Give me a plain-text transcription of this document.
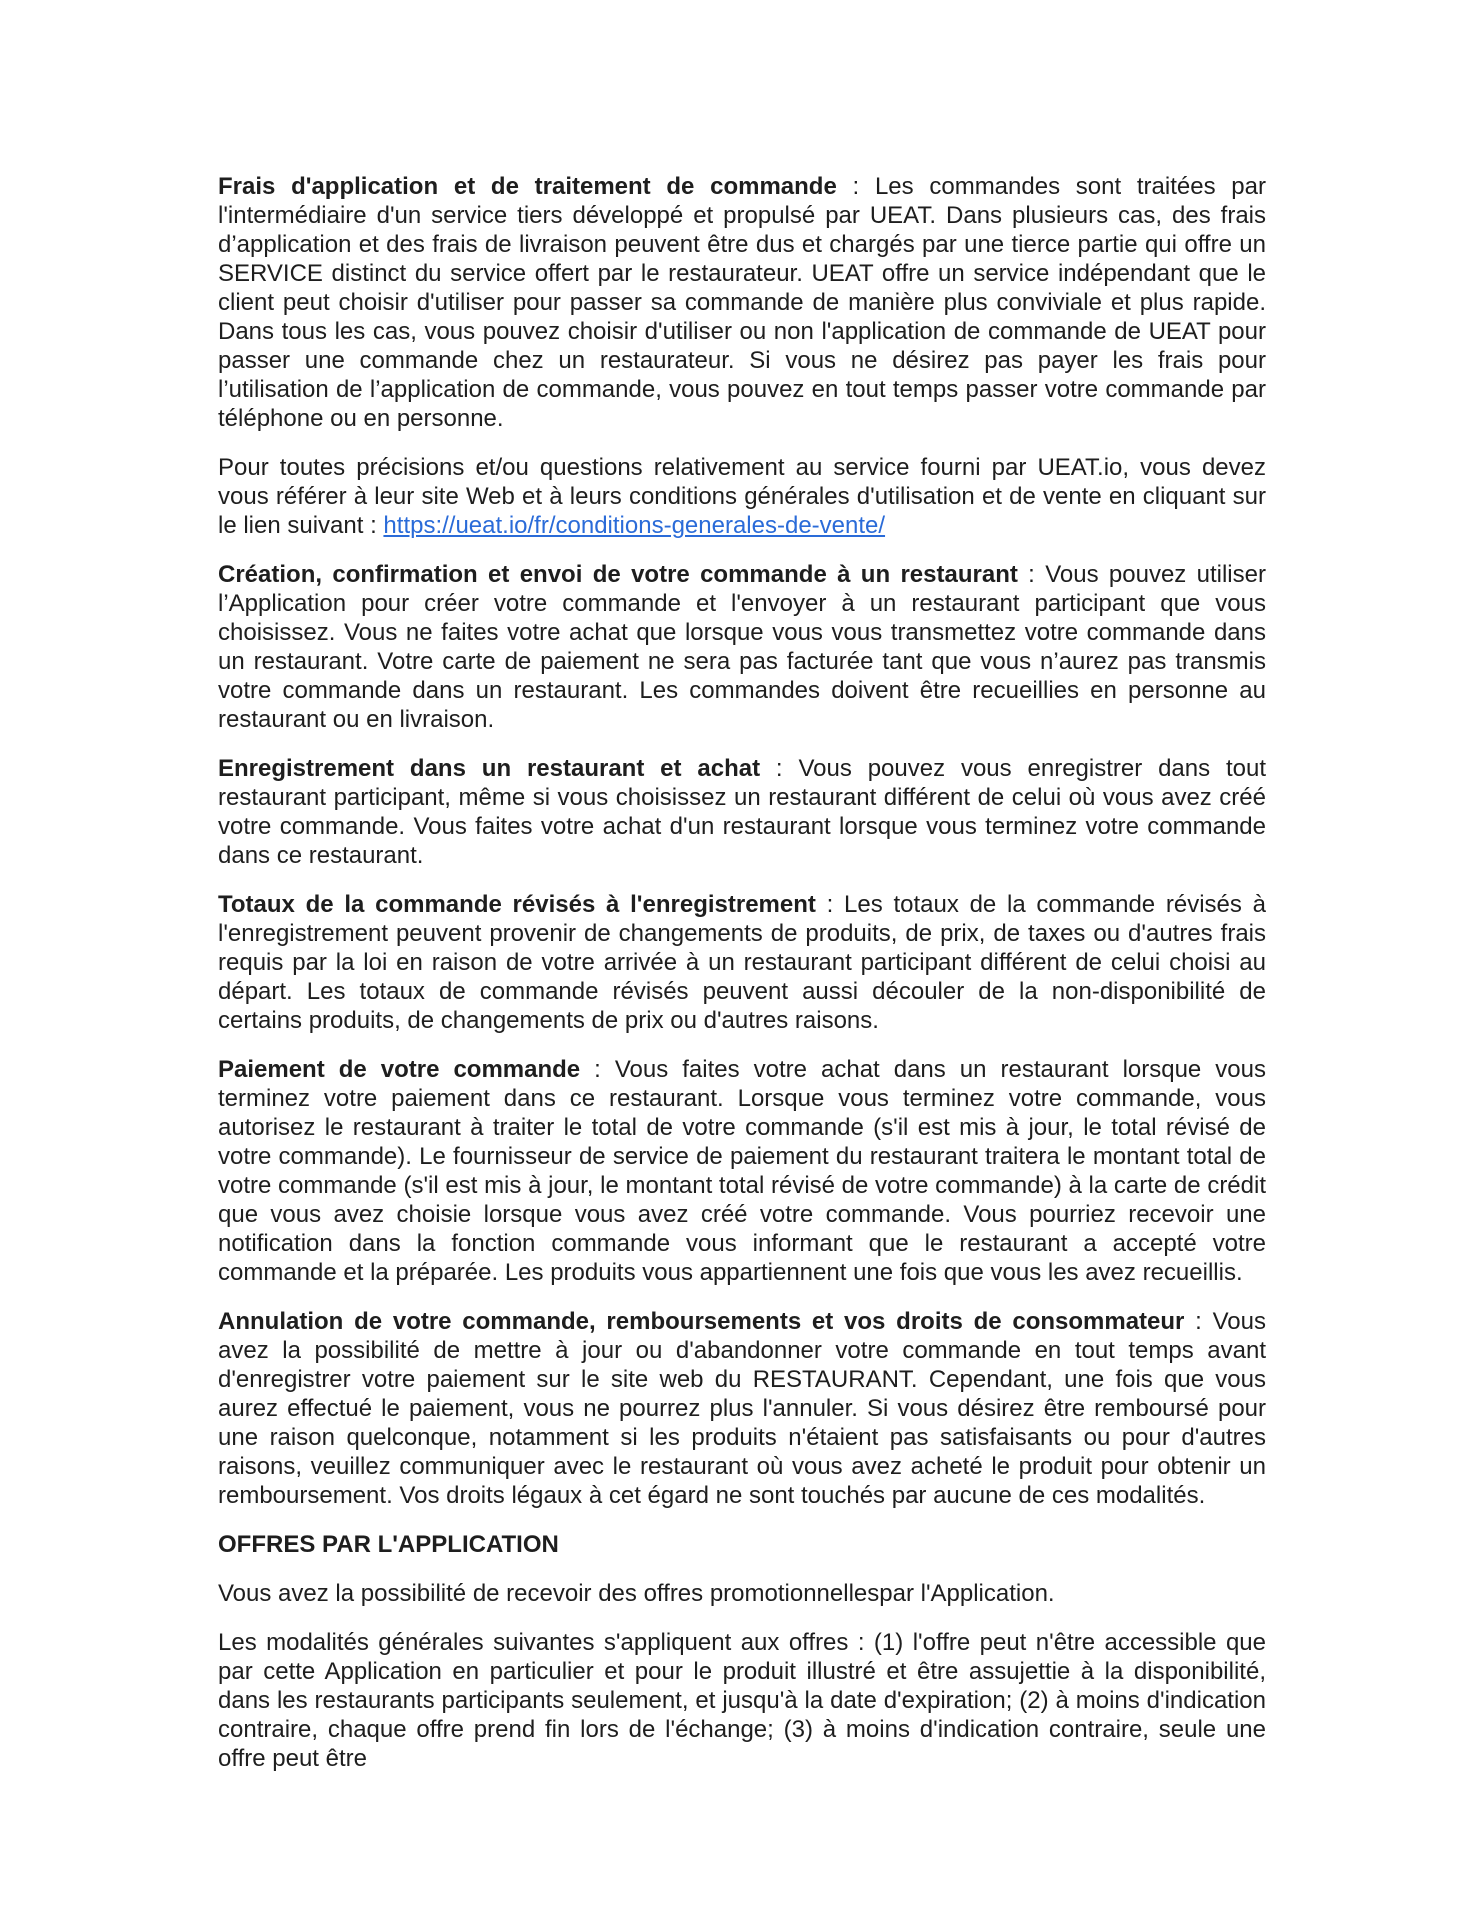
Frais d'application et de traitement de commande : Les commandes sont traitées par l'intermédiaire d'un service tiers développé et propulsé par UEAT. Dans plusieurs cas, des frais d’application et des frais de livraison peuvent être dus et chargés par une tierce partie qui offre un SERVICE distinct du service offert par le restaurateur. UEAT offre un service indépendant que le client peut choisir d'utiliser pour passer sa commande de manière plus conviviale et plus rapide. Dans tous les cas, vous pouvez choisir d'utiliser ou non l'application de commande de UEAT pour passer une commande chez un restaurateur. Si vous ne désirez pas payer les frais pour l’utilisation de l’application de commande, vous pouvez en tout temps passer votre commande par téléphone ou en personne.

Pour toutes précisions et/ou questions relativement au service fourni par UEAT.io, vous devez vous référer à leur site Web et à leurs conditions générales d'utilisation et de vente en cliquant sur le lien suivant : https://ueat.io/fr/conditions-generales-de-vente/

Création, confirmation et envoi de votre commande à un restaurant : Vous pouvez utiliser l’Application pour créer votre commande et l'envoyer à un restaurant participant que vous choisissez. Vous ne faites votre achat que lorsque vous vous transmettez votre commande dans un restaurant. Votre carte de paiement ne sera pas facturée tant que vous n’aurez pas transmis votre commande dans un restaurant. Les commandes doivent être recueillies en personne au restaurant ou en livraison.

Enregistrement dans un restaurant et achat : Vous pouvez vous enregistrer dans tout restaurant participant, même si vous choisissez un restaurant différent de celui où vous avez créé votre commande. Vous faites votre achat d'un restaurant lorsque vous terminez votre commande dans ce restaurant.

Totaux de la commande révisés à l'enregistrement : Les totaux de la commande révisés à l'enregistrement peuvent provenir de changements de produits, de prix, de taxes ou d'autres frais requis par la loi en raison de votre arrivée à un restaurant participant différent de celui choisi au départ. Les totaux de commande révisés peuvent aussi découler de la non-disponibilité de certains produits, de changements de prix ou d'autres raisons.

Paiement de votre commande : Vous faites votre achat dans un restaurant lorsque vous terminez votre paiement dans ce restaurant. Lorsque vous terminez votre commande, vous autorisez le restaurant à traiter le total de votre commande (s'il est mis à jour, le total révisé de votre commande). Le fournisseur de service de paiement du restaurant traitera le montant total de votre commande (s'il est mis à jour, le montant total révisé de votre commande) à la carte de crédit que vous avez choisie lorsque vous avez créé votre commande. Vous pourriez recevoir une notification dans la fonction commande vous informant que le restaurant a accepté votre commande et la préparée. Les produits vous appartiennent une fois que vous les avez recueillis.

Annulation de votre commande, remboursements et vos droits de consommateur : Vous avez la possibilité de mettre à jour ou d'abandonner votre commande en tout temps avant d'enregistrer votre paiement sur le site web du RESTAURANT. Cependant, une fois que vous aurez effectué le paiement, vous ne pourrez plus l'annuler. Si vous désirez être remboursé pour une raison quelconque, notamment si les produits n'étaient pas satisfaisants ou pour d'autres raisons, veuillez communiquer avec le restaurant où vous avez acheté le produit pour obtenir un remboursement. Vos droits légaux à cet égard ne sont touchés par aucune de ces modalités.

OFFRES PAR L'APPLICATION

Vous avez la possibilité de recevoir des offres promotionnellespar l'Application.

Les modalités générales suivantes s'appliquent aux offres : (1) l'offre peut n'être accessible que par cette Application en particulier et pour le produit illustré et être assujettie à la disponibilité, dans les restaurants participants seulement, et jusqu'à la date d'expiration; (2) à moins d'indication contraire, chaque offre prend fin lors de l'échange; (3) à moins d'indication contraire, seule une offre peut être
